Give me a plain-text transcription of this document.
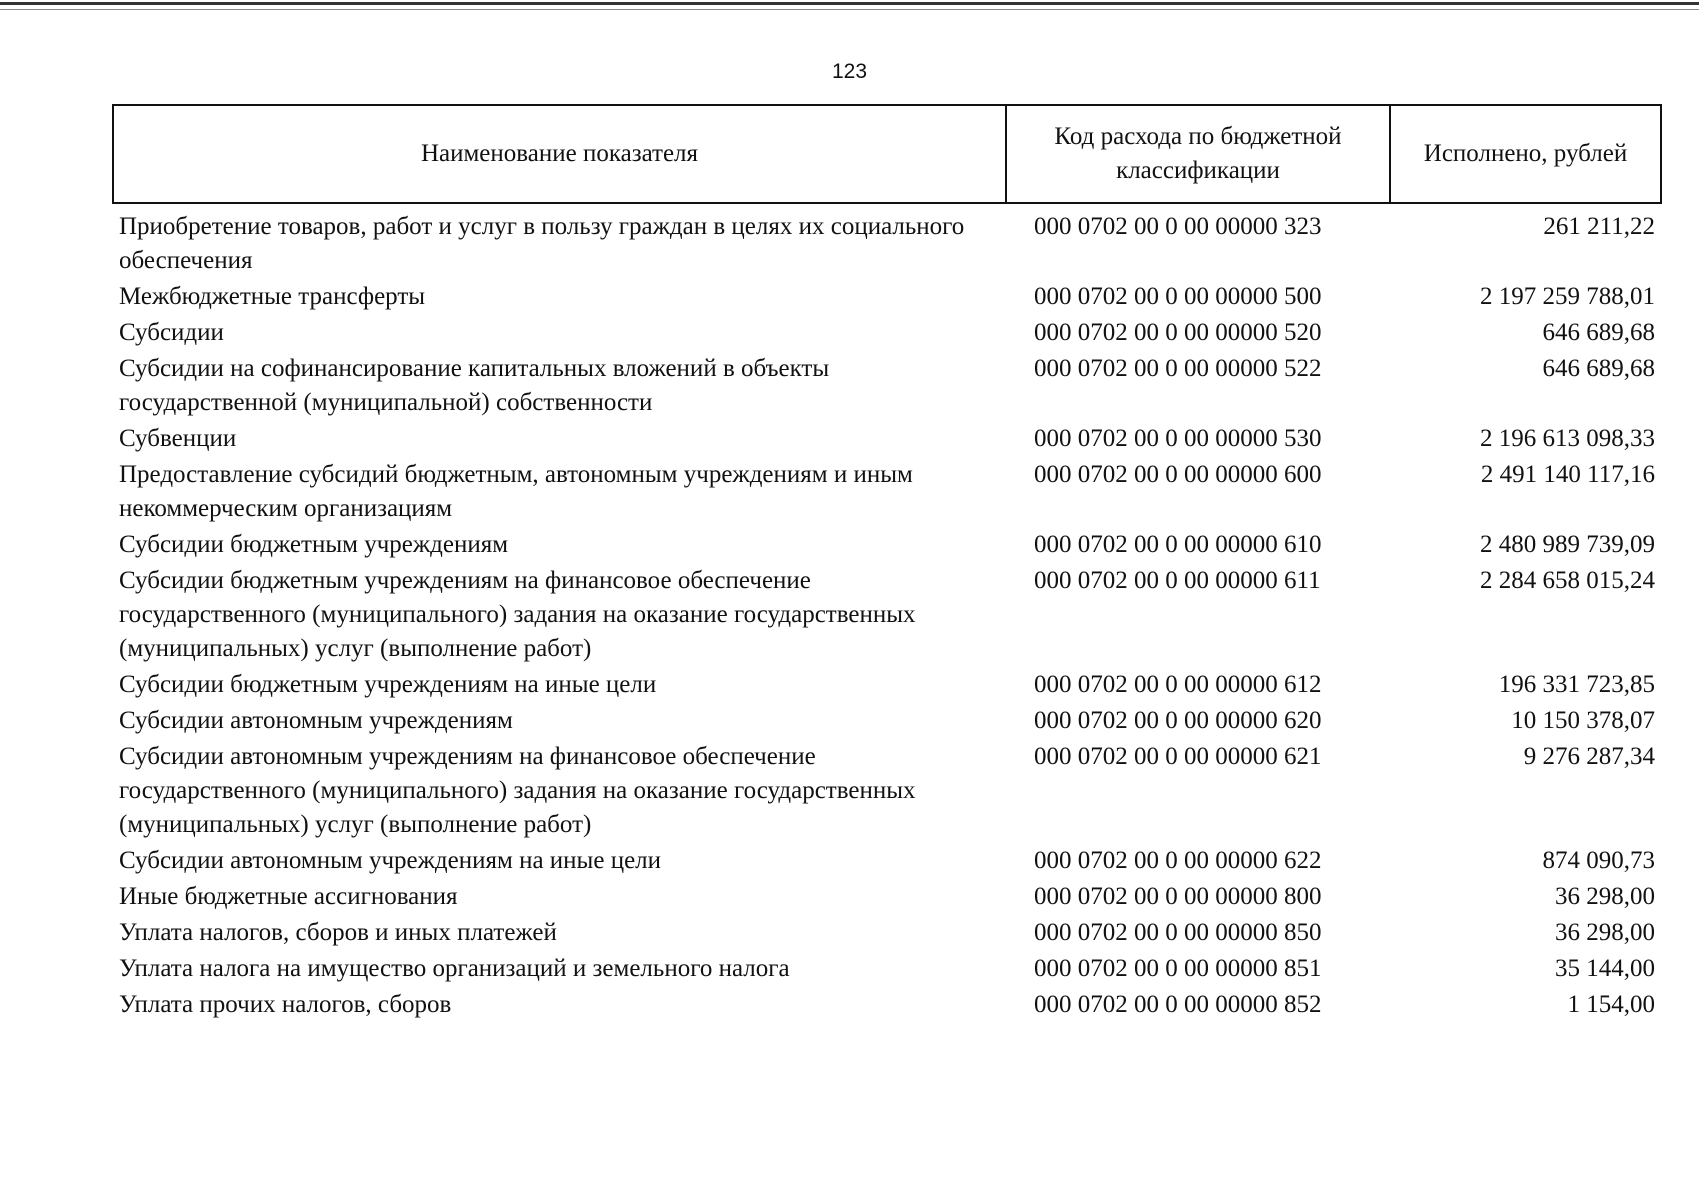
123
Наименование показателя	Код расхода по бюджетной классификации	Исполнено, рублей
Приобретение товаров, работ и услуг в пользу граждан в целях их социального обеспечения	000 0702 00 0 00 00000 323	261 211,22
Межбюджетные трансферты	000 0702 00 0 00 00000 500	2 197 259 788,01
Субсидии	000 0702 00 0 00 00000 520	646 689,68
Субсидии на софинансирование капитальных вложений в объекты государственной (муниципальной) собственности	000 0702 00 0 00 00000 522	646 689,68
Субвенции	000 0702 00 0 00 00000 530	2 196 613 098,33
Предоставление субсидий бюджетным, автономным учреждениям и иным некоммерческим организациям	000 0702 00 0 00 00000 600	2 491 140 117,16
Субсидии бюджетным учреждениям	000 0702 00 0 00 00000 610	2 480 989 739,09
Субсидии бюджетным учреждениям на финансовое обеспечение государственного (муниципального) задания на оказание государственных (муниципальных) услуг (выполнение работ)	000 0702 00 0 00 00000 611	2 284 658 015,24
Субсидии бюджетным учреждениям на иные цели	000 0702 00 0 00 00000 612	196 331 723,85
Субсидии автономным учреждениям	000 0702 00 0 00 00000 620	10 150 378,07
Субсидии автономным учреждениям на финансовое обеспечение государственного (муниципального) задания на оказание государственных (муниципальных) услуг (выполнение работ)	000 0702 00 0 00 00000 621	9 276 287,34
Субсидии автономным учреждениям на иные цели	000 0702 00 0 00 00000 622	874 090,73
Иные бюджетные ассигнования	000 0702 00 0 00 00000 800	36 298,00
Уплата налогов, сборов и иных платежей	000 0702 00 0 00 00000 850	36 298,00
Уплата налога на имущество организаций и земельного налога	000 0702 00 0 00 00000 851	35 144,00
Уплата прочих налогов, сборов	000 0702 00 0 00 00000 852	1 154,00
